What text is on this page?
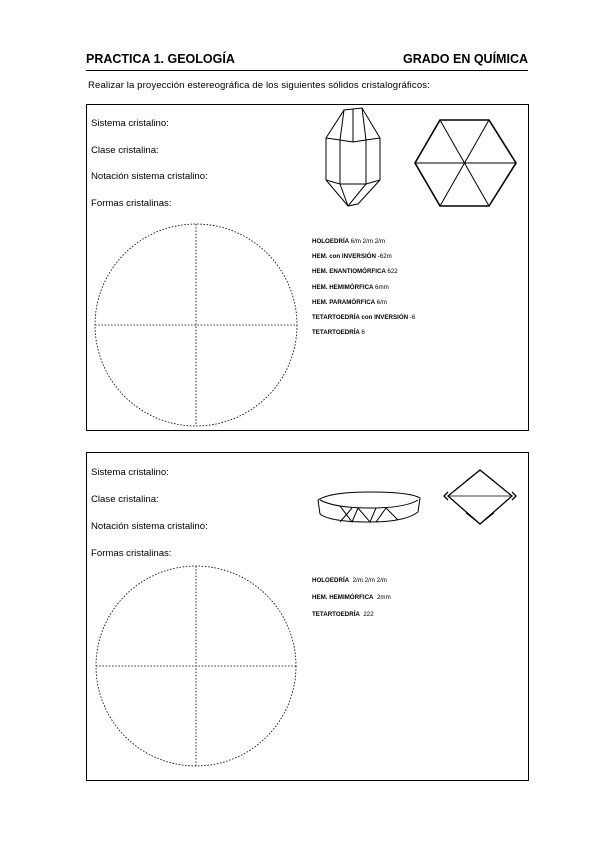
PRACTICA 1. GEOLOGÍA	GRADO EN QUÍMICA
Realizar la proyección estereográfica de los siguientes sólidos cristalográficos:
Sistema cristalino:
Clase cristalina:
Notación sistema cristalino:
Formas cristalinas:
HOLOEDRÍA 6/m 2/m 2/m
HEM. con INVERSIÓN -62m
HEM. ENANTIOMÓRFICA 622
HEM. HEMIMÓRFICA 6mm
HEM. PARAMÓRFICA 6/m
TETARTOEDRÍA con INVERSIÓN -6
TETARTOEDRÍA 6
Sistema cristalino:
Clase cristalina:
Notación sistema cristalino:
Formas cristalinas:
HOLOEDRÍA 2/m 2/m 2/m
HEM. HEMIMÓRFICA 2mm
TETARTOEDRÍA 222
